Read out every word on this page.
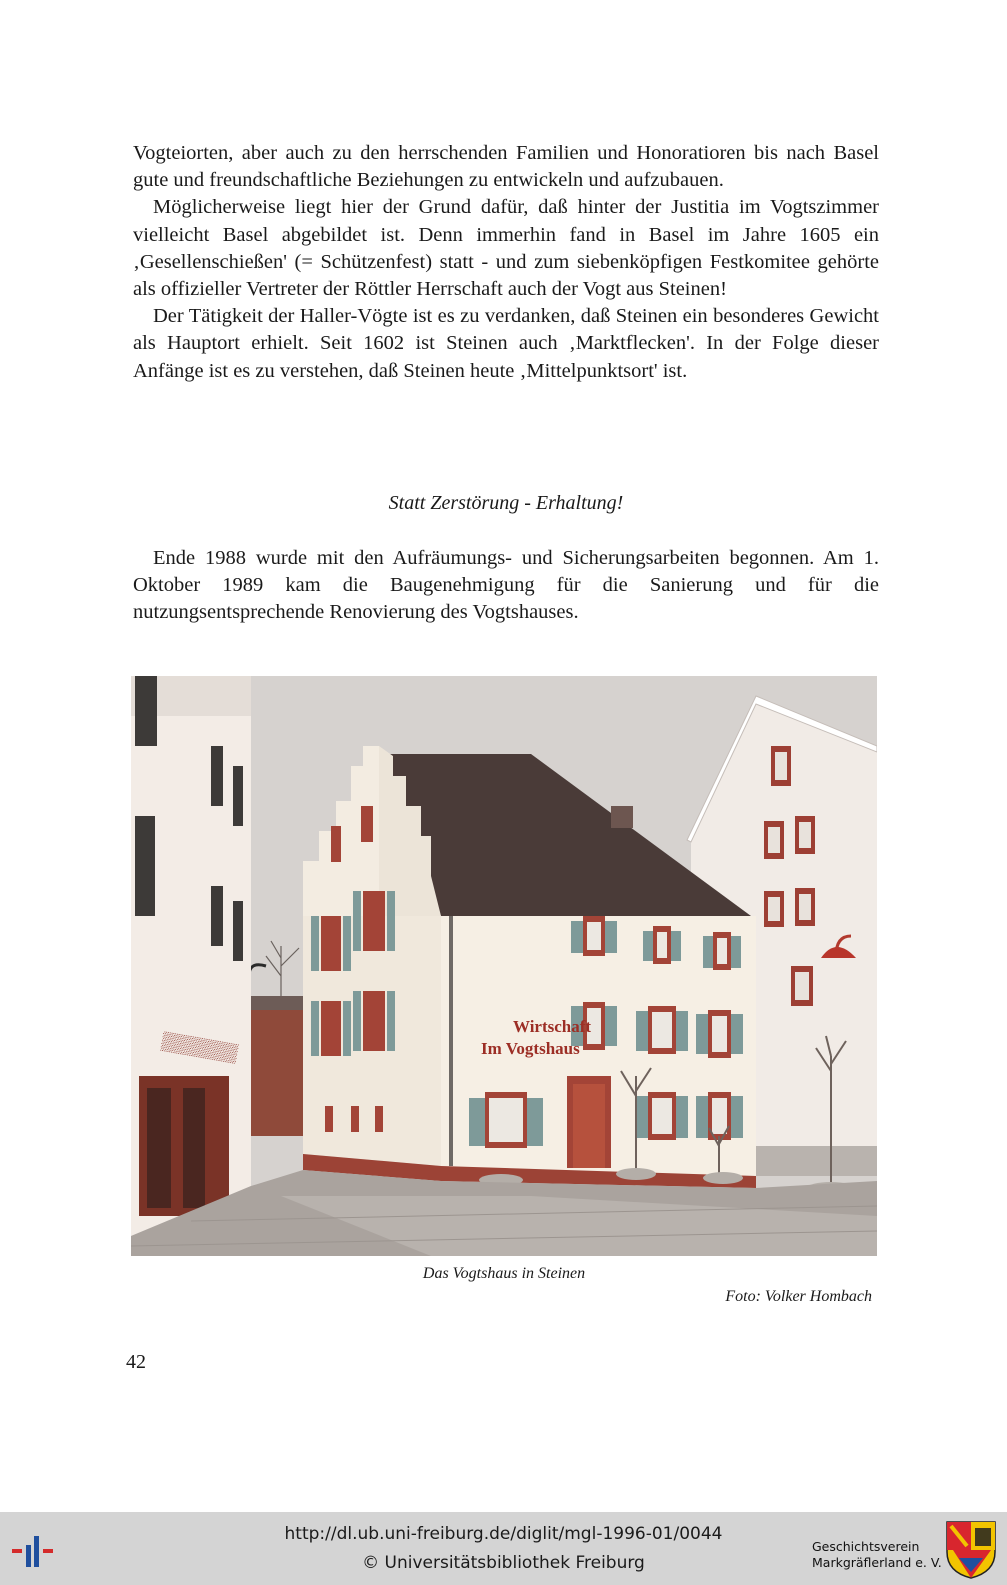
Vogteiorten, aber auch zu den herrschenden Familien und Honoratioren bis nach Basel gute und freundschaftliche Beziehungen zu entwickeln und aufzubauen.

Möglicherweise liegt hier der Grund dafür, daß hinter der Justitia im Vogtszimmer vielleicht Basel abgebildet ist. Denn immerhin fand in Basel im Jahre 1605 ein ‚Gesellenschießen' (= Schützenfest) statt - und zum siebenköpfigen Festkomitee gehörte als offizieller Vertreter der Röttler Herrschaft auch der Vogt aus Steinen!

Der Tätigkeit der Haller-Vögte ist es zu verdanken, daß Steinen ein besonderes Gewicht als Hauptort erhielt. Seit 1602 ist Steinen auch ‚Marktflecken'. In der Folge dieser Anfänge ist es zu verstehen, daß Steinen heute ‚Mittelpunktsort' ist.

Statt Zerstörung - Erhaltung!

Ende 1988 wurde mit den Aufräumungs- und Sicherungsarbeiten begonnen. Am 1. Oktober 1989 kam die Baugenehmigung für die Sanierung und für die nutzungsentsprechende Renovierung des Vogtshauses.

▒▒▒▒▒▒
Wirtschaft
Im Vogtshaus
Das Vogtshaus in Steinen
Foto: Volker Hombach
42
http://dl.ub.uni-freiburg.de/diglit/mgl-1996-01/0044
© Universitätsbibliothek Freiburg
Geschichtsverein
Markgräflerland e. V.
